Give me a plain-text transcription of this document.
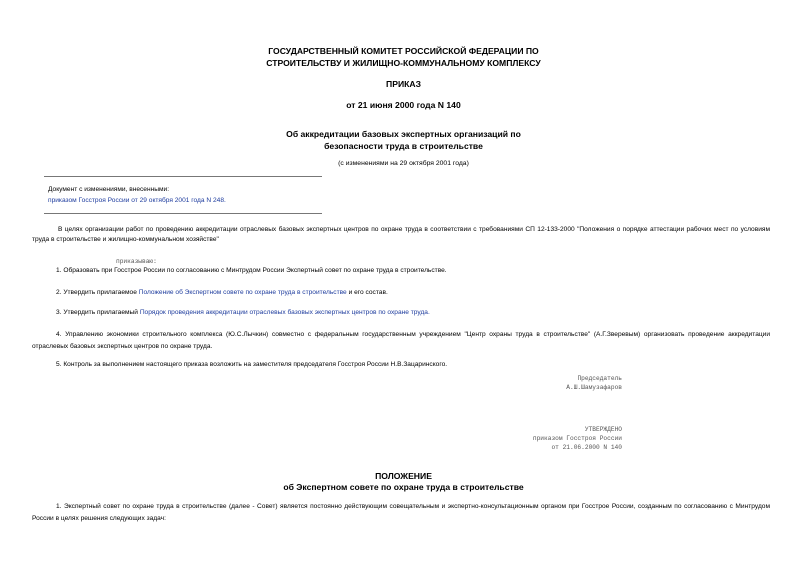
ГОСУДАРСТВЕННЫЙ КОМИТЕТ РОССИЙСКОЙ ФЕДЕРАЦИИ ПО
СТРОИТЕЛЬСТВУ И ЖИЛИЩНО-КОММУНАЛЬНОМУ КОМПЛЕКСУ
ПРИКАЗ
от 21 июня 2000 года N 140
Об аккредитации базовых экспертных организаций по
безопасности труда в строительстве
(с изменениями на 29 октября 2001 года)
Документ с изменениями, внесенными:
приказом Госстроя России от 29 октября 2001 года N 248.
В целях организации работ по проведению аккредитации отраслевых базовых экспертных центров по охране труда в соответствии с требованиями СП 12-133-2000 "Положения о порядке аттестации рабочих мест по условиям труда в строительстве и жилищно-коммунальном хозяйстве"
приказываю:
1. Образовать при Госстрое России по согласованию с Минтрудом России Экспертный совет по охране труда в строительстве.
2. Утвердить прилагаемое Положение об Экспертном совете по охране труда в строительстве и его состав.
3. Утвердить прилагаемый Порядок проведения аккредитации отраслевых базовых экспертных центров по охране труда.
4. Управлению экономики строительного комплекса (Ю.С.Лычкин) совместно с федеральным государственным учреждением "Центр охраны труда в строительстве" (А.Г.Зверевым) организовать проведение аккредитации отраслевых базовых экспертных центров по охране труда.
5. Контроль за выполнением настоящего приказа возложить на заместителя председателя Госстроя России Н.В.Зацаринского.
Председатель
А.Ш.Шамузафаров
УТВЕРЖДЕНО
приказом Госстроя России
от 21.06.2000 N 140
ПОЛОЖЕНИЕ
об Экспертном совете по охране труда в строительстве
1. Экспертный совет по охране труда в строительстве (далее - Совет) является постоянно действующим совещательным и экспертно-консультационным органом при Госстрое России, созданным по согласованию с Минтрудом России в целях решения следующих задач:
